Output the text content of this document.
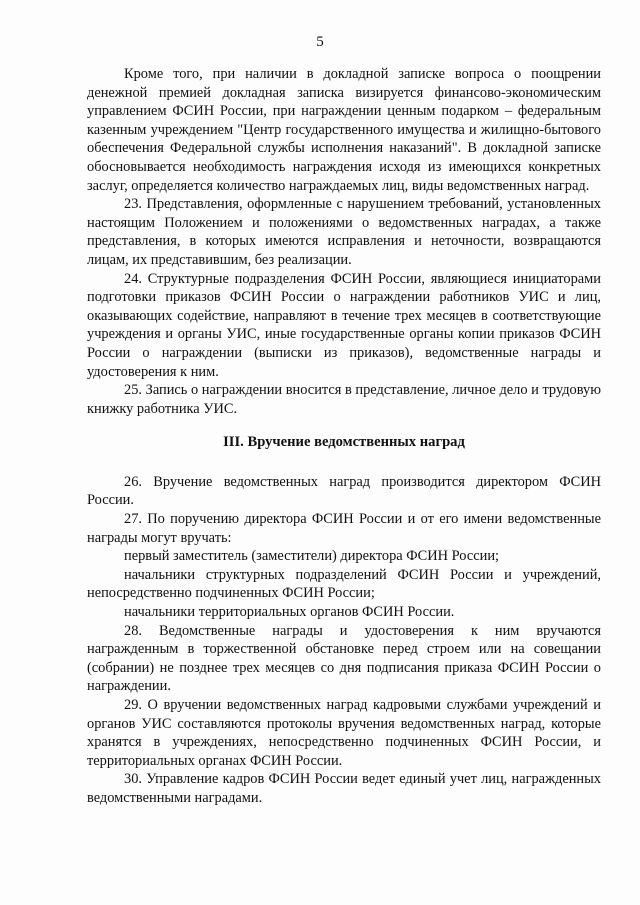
5

Кроме того, при наличии в докладной записке вопроса о поощрении денежной премией докладная записка визируется финансово-экономическим управлением ФСИН России, при награждении ценным подарком – федеральным казенным учреждением "Центр государственного имущества и жилищно-бытового обеспечения Федеральной службы исполнения наказаний". В докладной записке обосновывается необходимость награждения исходя из имеющихся конкретных заслуг, определяется количество награждаемых лиц, виды ведомственных наград.

23. Представления, оформленные с нарушением требований, установленных настоящим Положением и положениями о ведомственных наградах, а также представления, в которых имеются исправления и неточности, возвращаются лицам, их представившим, без реализации.

24. Структурные подразделения ФСИН России, являющиеся инициаторами подготовки приказов ФСИН России о награждении работников УИС и лиц, оказывающих содействие, направляют в течение трех месяцев в соответствующие учреждения и органы УИС, иные государственные органы копии приказов ФСИН России о награждении (выписки из приказов), ведомственные награды и удостоверения к ним.

25. Запись о награждении вносится в представление, личное дело и трудовую книжку работника УИС.

III. Вручение ведомственных наград

26. Вручение ведомственных наград производится директором ФСИН России.

27. По поручению директора ФСИН России и от его имени ведомственные награды могут вручать:

первый заместитель (заместители) директора ФСИН России;

начальники структурных подразделений ФСИН России и учреждений, непосредственно подчиненных ФСИН России;

начальники территориальных органов ФСИН России.

28. Ведомственные награды и удостоверения к ним вручаются награжденным в торжественной обстановке перед строем или на совещании (собрании) не позднее трех месяцев со дня подписания приказа ФСИН России о награждении.

29. О вручении ведомственных наград кадровыми службами учреждений и органов УИС составляются протоколы вручения ведомственных наград, которые хранятся в учреждениях, непосредственно подчиненных ФСИН России, и территориальных органах ФСИН России.

30. Управление кадров ФСИН России ведет единый учет лиц, награжденных ведомственными наградами.
